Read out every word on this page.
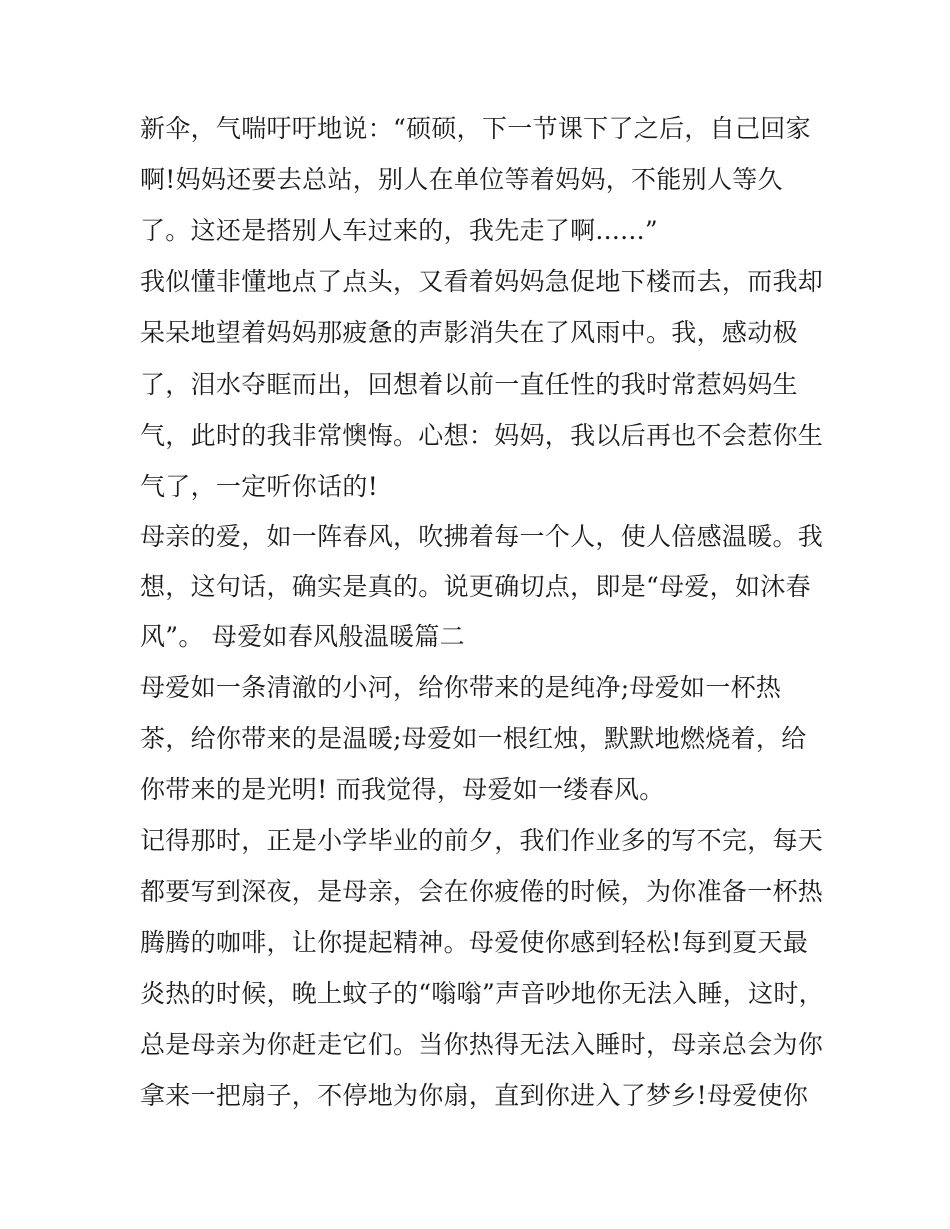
新伞，气喘吁吁地说：“硕硕，下一节课下了之后，自己回家
啊!妈妈还要去总站，别人在单位等着妈妈，不能别人等久
了。这还是搭别人车过来的，我先走了啊......”
我似懂非懂地点了点头，又看着妈妈急促地下楼而去，而我却
呆呆地望着妈妈那疲惫的声影消失在了风雨中。我，感动极
了，泪水夺眶而出，回想着以前一直任性的我时常惹妈妈生
气，此时的我非常懊悔。心想：妈妈，我以后再也不会惹你生
气了，一定听你话的!
母亲的爱，如一阵春风，吹拂着每一个人，使人倍感温暖。我
想，这句话，确实是真的。说更确切点，即是“母爱，如沐春
风”。 母爱如春风般温暖篇二
母爱如一条清澈的小河，给你带来的是纯净;母爱如一杯热
茶，给你带来的是温暖;母爱如一根红烛，默默地燃烧着，给
你带来的是光明! 而我觉得，母爱如一缕春风。
记得那时，正是小学毕业的前夕，我们作业多的写不完，每天
都要写到深夜，是母亲，会在你疲倦的时候，为你准备一杯热
腾腾的咖啡，让你提起精神。母爱使你感到轻松!每到夏天最
炎热的时候，晚上蚊子的“嗡嗡”声音吵地你无法入睡，这时，
总是母亲为你赶走它们。当你热得无法入睡时，母亲总会为你
拿来一把扇子，不停地为你扇，直到你进入了梦乡!母爱使你
